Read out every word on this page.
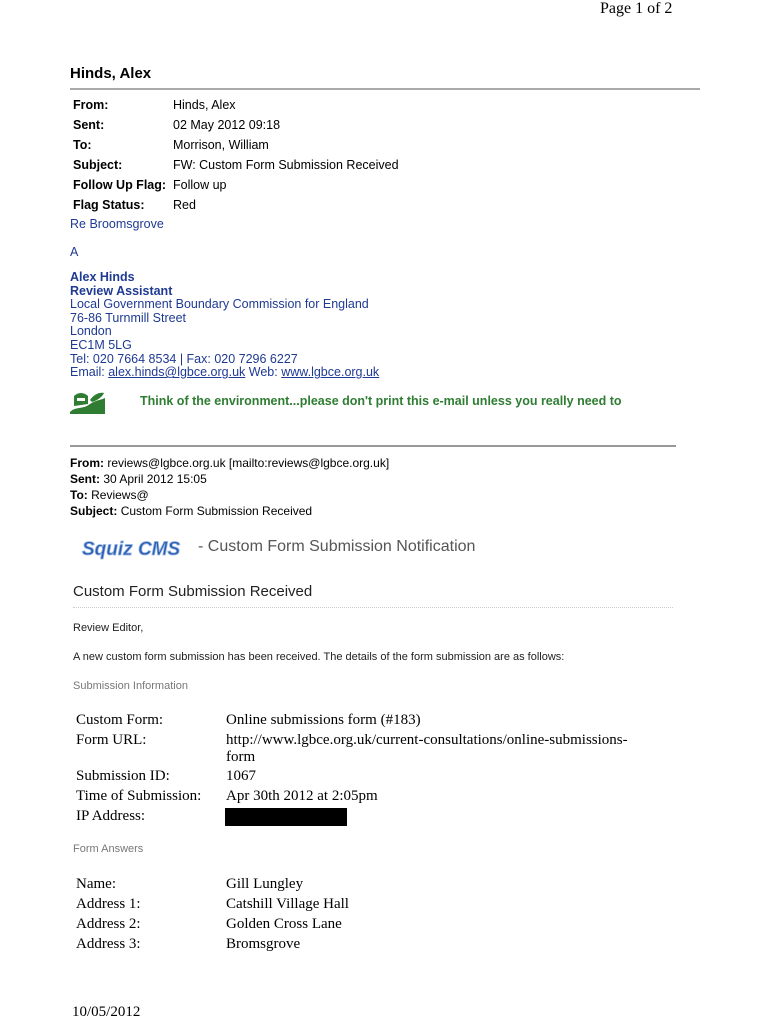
Page 1 of 2
Hinds, Alex
From:	Hinds, Alex
Sent:	02 May 2012 09:18
To:	Morrison, William
Subject:	FW: Custom Form Submission Received
Follow Up Flag: Follow up
Flag Status: Red
Re Broomsgrove
A
Alex Hinds
Review Assistant
Local Government Boundary Commission for England
76-86 Turnmill Street
London
EC1M 5LG
Tel: 020 7664 8534 | Fax: 020 7296 6227
Email: alex.hinds@lgbce.org.uk Web: www.lgbce.org.uk
Think of the environment...please don't print this e-mail unless you really need to
From: reviews@lgbce.org.uk [mailto:reviews@lgbce.org.uk]
Sent: 30 April 2012 15:05
To: Reviews@
Subject: Custom Form Submission Received
Squiz CMS - Custom Form Submission Notification
Custom Form Submission Received
Review Editor,
A new custom form submission has been received. The details of the form submission are as follows:
Submission Information
Custom Form:	Online submissions form (#183)
Form URL:	http://www.lgbce.org.uk/current-consultations/online-submissions-
form
Submission ID:	1067
Time of Submission: Apr 30th 2012 at 2:05pm
IP Address:
Form Answers
Name:	Gill Lungley
Address 1:	Catshill Village Hall
Address 2:	Golden Cross Lane
Address 3:	Bromsgrove
10/05/2012
